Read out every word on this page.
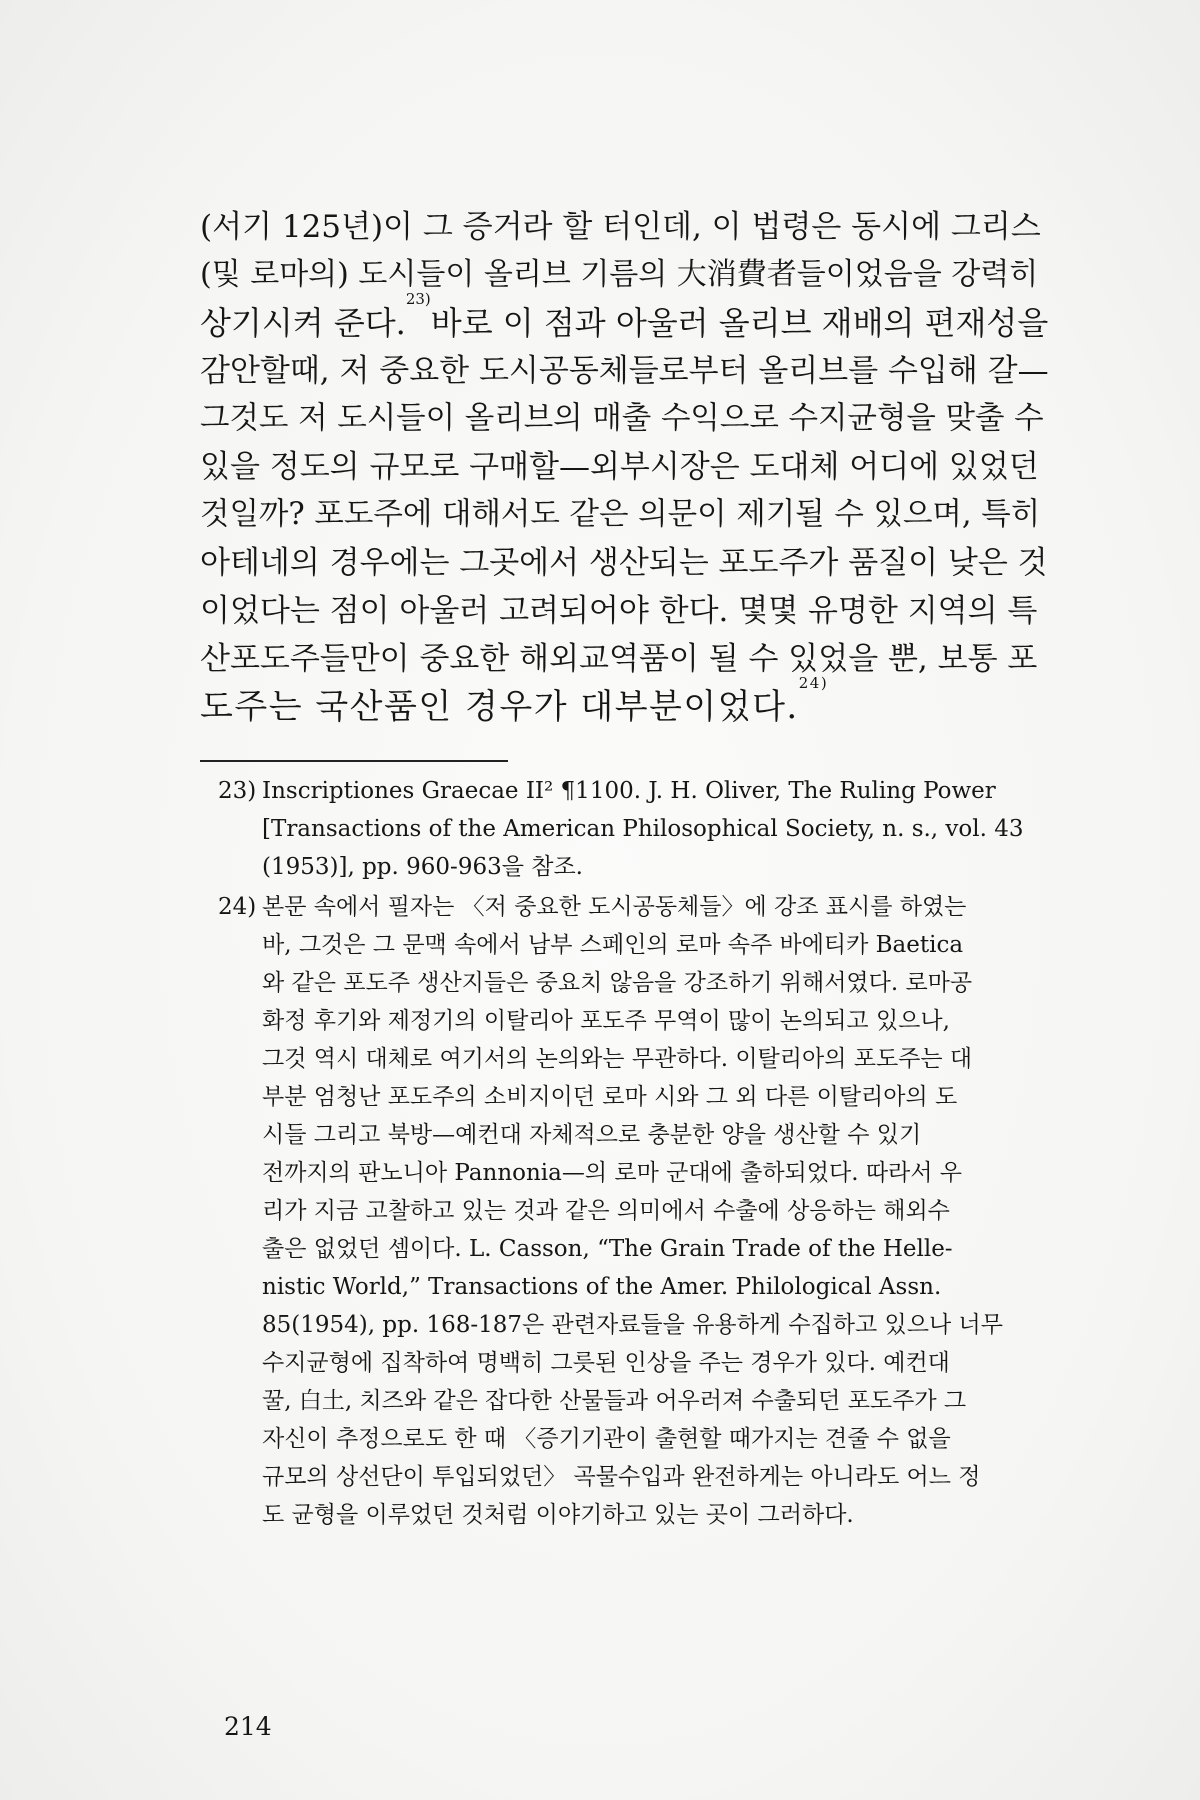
(서기 125년)이 그 증거라 할 터인데, 이 법령은 동시에 그리스
(및 로마의) 도시들이 올리브 기름의 大消費者들이었음을 강력히
상기시켜 준다.
23)
바로 이 점과 아울러 올리브 재배의 편재성을
감안할때, 저 중요한 도시공동체들로부터 올리브를 수입해 갈—
그것도 저 도시들이 올리브의 매출 수익으로 수지균형을 맞출 수
있을 정도의 규모로 구매할—외부시장은 도대체 어디에 있었던
것일까? 포도주에 대해서도 같은 의문이 제기될 수 있으며, 특히
아테네의 경우에는 그곳에서 생산되는 포도주가 품질이 낮은 것
이었다는 점이 아울러 고려되어야 한다. 몇몇 유명한 지역의 특
산포도주들만이 중요한 해외교역품이 될 수 있었을 뿐, 보통 포
도주는 국산품인 경우가 대부분이었다.
24)
23) Inscriptiones Graecae II² ¶1100. J. H. Oliver, The Ruling Power
[Transactions of the American Philosophical Society, n. s., vol. 43
(1953)], pp. 960-963을 참조.
24) 본문 속에서 필자는 〈저 중요한 도시공동체들〉에 강조 표시를 하였는
바, 그것은 그 문맥 속에서 남부 스페인의 로마 속주 바에티카 Baetica
와 같은 포도주 생산지들은 중요치 않음을 강조하기 위해서였다. 로마공
화정 후기와 제정기의 이탈리아 포도주 무역이 많이 논의되고 있으나,
그것 역시 대체로 여기서의 논의와는 무관하다. 이탈리아의 포도주는 대
부분 엄청난 포도주의 소비지이던 로마 시와 그 외 다른 이탈리아의 도
시들 그리고 북방—예컨대 자체적으로 충분한 양을 생산할 수 있기
전까지의 판노니아 Pannonia—의 로마 군대에 출하되었다. 따라서 우
리가 지금 고찰하고 있는 것과 같은 의미에서 수출에 상응하는 해외수
출은 없었던 셈이다. L. Casson, “The Grain Trade of the Helle-
nistic World,” Transactions of the Amer. Philological Assn.
85(1954), pp. 168-187은 관련자료들을 유용하게 수집하고 있으나 너무
수지균형에 집착하여 명백히 그릇된 인상을 주는 경우가 있다. 예컨대
꿀, 白土, 치즈와 같은 잡다한 산물들과 어우러져 수출되던 포도주가 그
자신이 추정으로도 한 때 〈증기기관이 출현할 때가지는 견줄 수 없을
규모의 상선단이 투입되었던〉 곡물수입과 완전하게는 아니라도 어느 정
도 균형을 이루었던 것처럼 이야기하고 있는 곳이 그러하다.
214
